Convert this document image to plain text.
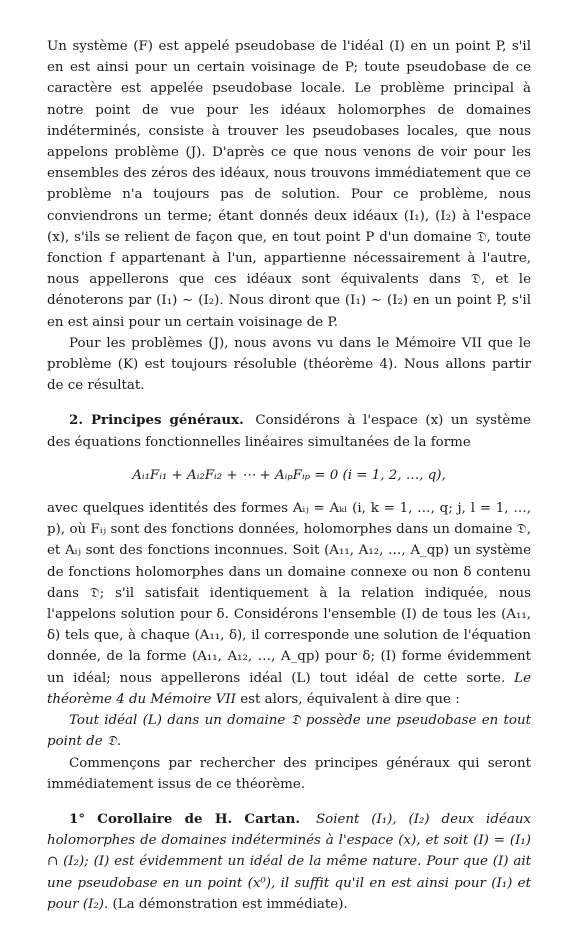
Un système (F) est appelé pseudobase de l'idéal (I) en un point P, s'il en est ainsi pour un certain voisinage de P; toute pseudobase de ce caractère est appelée pseudobase locale. Le problème principal à notre point de vue pour les idéaux holomorphes de domaines indéterminés, consiste à trouver les pseudobases locales, que nous appelons problème (J). D'après ce que nous venons de voir pour les ensembles des zéros des idéaux, nous trouvons immédiatement que ce problème n'a toujours pas de solution. Pour ce problème, nous conviendrons un terme; étant donnés deux idéaux (I₁), (I₂) à l'espace (x), s'ils se relient de façon que, en tout point P d'un domaine 𝔇, toute fonction f appartenant à l'un, appartienne nécessairement à l'autre, nous appellerons que ces idéaux sont équivalents dans 𝔇, et le dénoterons par (I₁) ∼ (I₂). Nous diront que (I₁) ∼ (I₂) en un point P, s'il en est ainsi pour un certain voisinage de P.

Pour les problèmes (J), nous avons vu dans le Mémoire VII que le problème (K) est toujours résoluble (théorème 4). Nous allons partir de ce résultat.

2. Principes généraux. Considérons à l'espace (x) un système des équations fonctionnelles linéaires simultanées de la forme

Aᵢ₁Fᵢ₁ + Aᵢ₂Fᵢ₂ + ⋯ + AᵢₚFᵢₚ = 0 (i = 1, 2, …, q),

avec quelques identités des formes Aᵢⱼ = Aₖₗ (i, k = 1, …, q; j, l = 1, …, p), où Fᵢⱼ sont des fonctions données, holomorphes dans un domaine 𝔇, et Aᵢⱼ sont des fonctions inconnues. Soit (A₁₁, A₁₂, …, A_qp) un système de fonctions holomorphes dans un domaine connexe ou non δ contenu dans 𝔇; s'il satisfait identiquement à la relation indiquée, nous l'appelons solution pour δ. Considérons l'ensemble (I) de tous les (A₁₁, δ) tels que, à chaque (A₁₁, δ), il corresponde une solution de l'équation donnée, de la forme (A₁₁, A₁₂, …, A_qp) pour δ; (I) forme évidemment un idéal; nous appellerons idéal (L) tout idéal de cette sorte. Le théorème 4 du Mémoire VII est alors, équivalent à dire que :

Tout idéal (L) dans un domaine 𝔇 possède une pseudobase en tout point de 𝔇.

Commençons par rechercher des principes généraux qui seront immédiatement issus de ce théorème.

1° Corollaire de H. Cartan. Soient (I₁), (I₂) deux idéaux holomorphes de domaines indéterminés à l'espace (x), et soit (I) = (I₁) ∩ (I₂); (I) est évidemment un idéal de la même nature. Pour que (I) ait une pseudobase en un point (x⁰), il suffit qu'il en est ainsi pour (I₁) et pour (I₂). (La démonstration est immédiate).
